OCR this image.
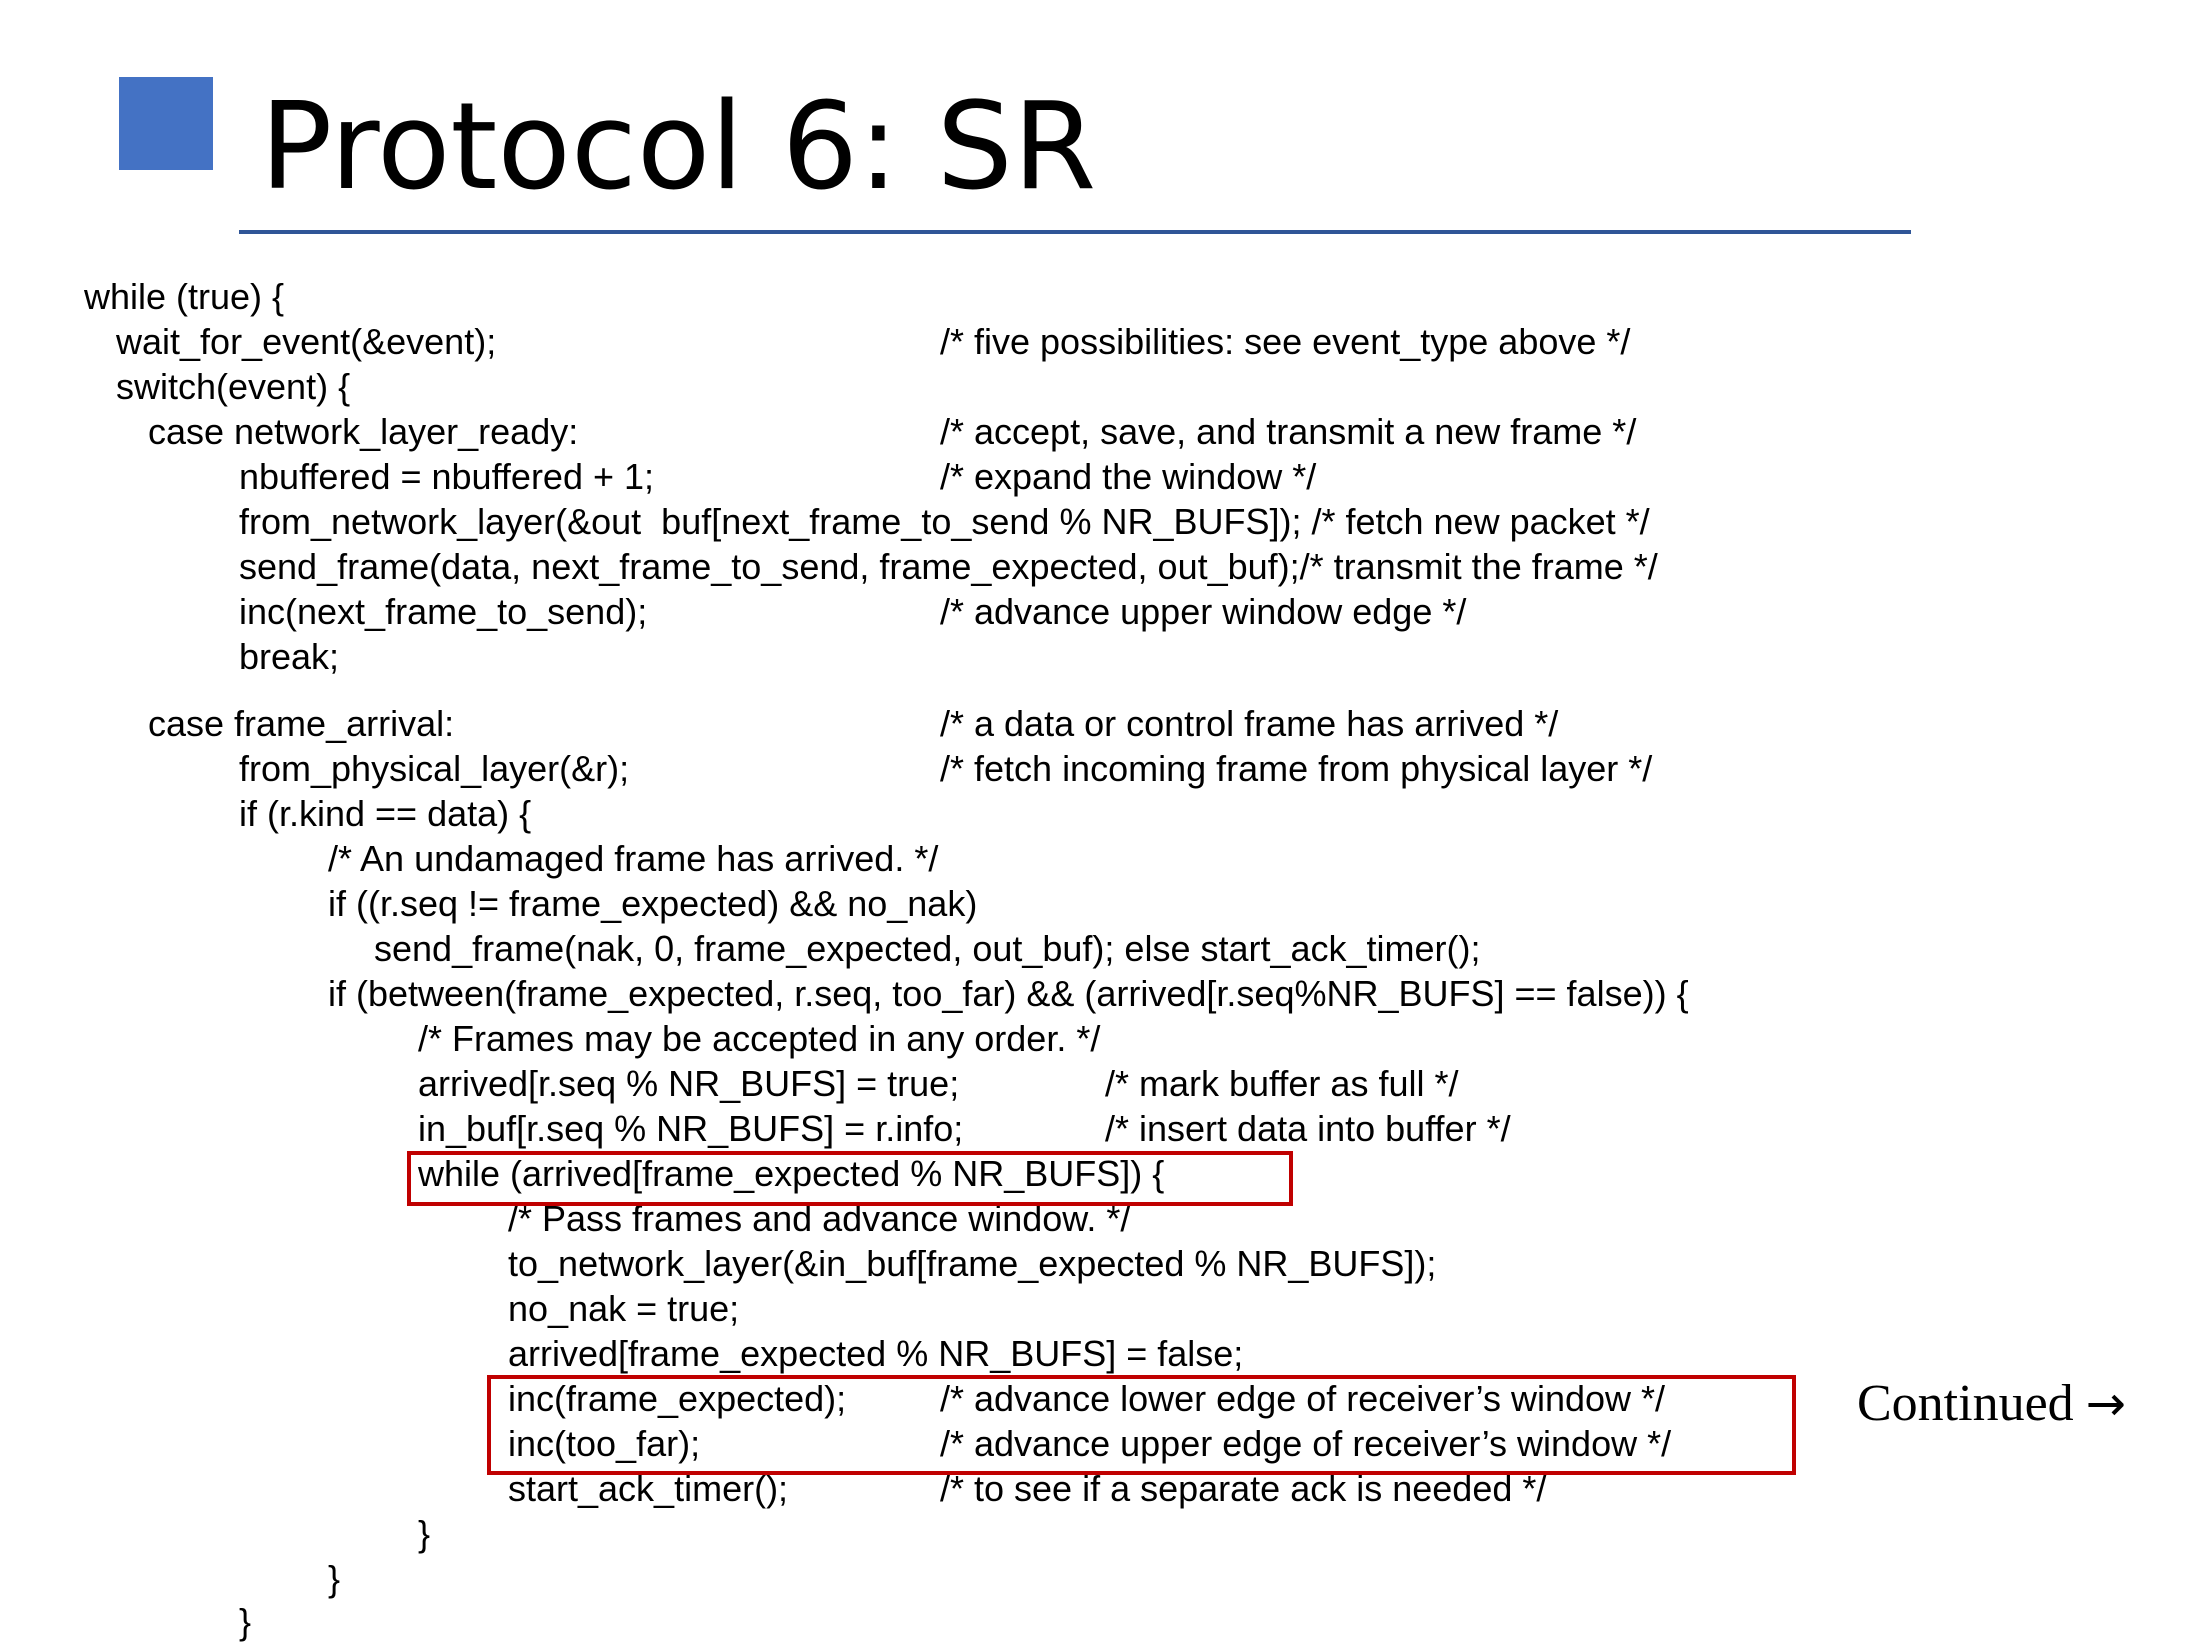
Protocol 6: SR
while (true) {
wait_for_event(&event);	/* five possibilities: see event_type above */
switch(event) {
case network_layer_ready:	/* accept, save, and transmit a new frame */
nbuffered = nbuffered + 1;	/* expand the window */
from_network_layer(&out  buf[next_frame_to_send % NR_BUFS]); /* fetch new packet */
send_frame(data, next_frame_to_send, frame_expected, out_buf);/* transmit the frame */
inc(next_frame_to_send);	/* advance upper window edge */
break;
case frame_arrival:	/* a data or control frame has arrived */
from_physical_layer(&r);	/* fetch incoming frame from physical layer */
if (r.kind == data) {
/* An undamaged frame has arrived. */
if ((r.seq != frame_expected) && no_nak)
send_frame(nak, 0, frame_expected, out_buf); else start_ack_timer();
if (between(frame_expected, r.seq, too_far) && (arrived[r.seq%NR_BUFS] == false)) {
/* Frames may be accepted in any order. */
arrived[r.seq % NR_BUFS] = true;	/* mark buffer as full */
in_buf[r.seq % NR_BUFS] = r.info;	/* insert data into buffer */
while (arrived[frame_expected % NR_BUFS]) {
/* Pass frames and advance window. */
to_network_layer(&in_buf[frame_expected % NR_BUFS]);
no_nak = true;
arrived[frame_expected % NR_BUFS] = false;
inc(frame_expected);	/* advance lower edge of receiver’s window */
inc(too_far);	/* advance upper edge of receiver’s window */
start_ack_timer();	/* to see if a separate ack is needed */
}
}
}
Continued →
